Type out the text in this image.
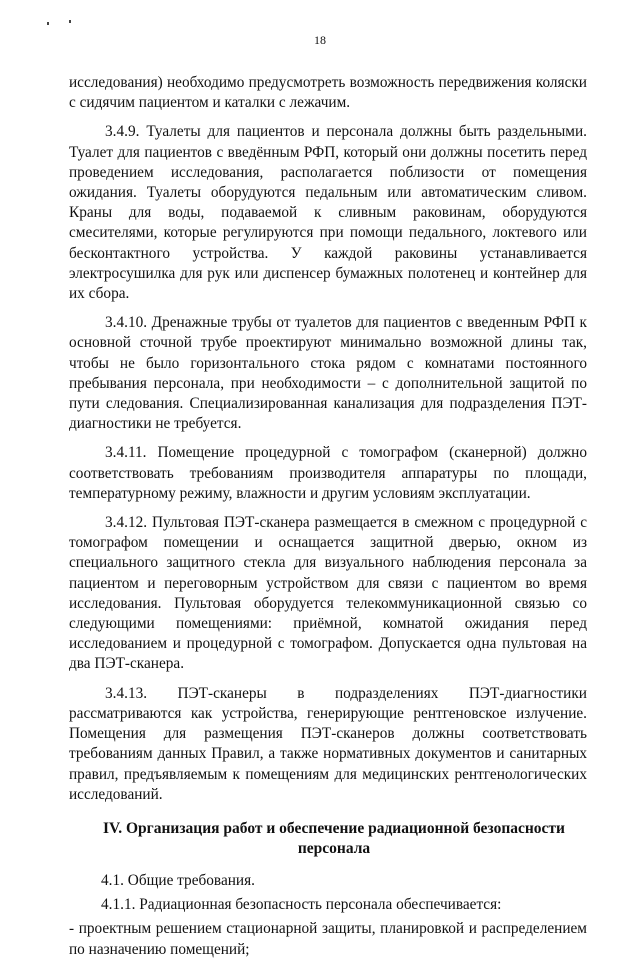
18

исследования) необходимо предусмотреть возможность передвижения коляски с сидячим пациентом и каталки с лежачим.

3.4.9. Туалеты для пациентов и персонала должны быть раздельными. Туалет для пациентов с введённым РФП, который они должны посетить перед проведением исследования, располагается поблизости от помещения ожидания. Туалеты оборудуются педальным или автоматическим сливом. Краны для воды, подаваемой к сливным раковинам, оборудуются смесителями, которые регулируются при помощи педального, локтевого или бесконтактного устройства. У каждой раковины устанавливается электросушилка для рук или диспенсер бумажных полотенец и контейнер для их сбора.

3.4.10. Дренажные трубы от туалетов для пациентов с введенным РФП к основной сточной трубе проектируют минимально возможной длины так, чтобы не было горизонтального стока рядом с комнатами постоянного пребывания персонала, при необходимости – с дополнительной защитой по пути следования. Специализированная канализация для подразделения ПЭТ-диагностики не требуется.

3.4.11. Помещение процедурной с томографом (сканерной) должно соответствовать требованиям производителя аппаратуры по площади, температурному режиму, влажности и другим условиям эксплуатации.

3.4.12. Пультовая ПЭТ-сканера размещается в смежном с процедурной с томографом помещении и оснащается защитной дверью, окном из специального защитного стекла для визуального наблюдения персонала за пациентом и переговорным устройством для связи с пациентом во время исследования. Пультовая оборудуется телекоммуникационной связью со следующими помещениями: приёмной, комнатой ожидания перед исследованием и процедурной с томографом. Допускается одна пультовая на два ПЭТ-сканера.

3.4.13. ПЭТ-сканеры в подразделениях ПЭТ-диагностики рассматриваются как устройства, генерирующие рентгеновское излучение. Помещения для размещения ПЭТ-сканеров должны соответствовать требованиям данных Правил, а также нормативных документов и санитарных правил, предъявляемым к помещениям для медицинских рентгенологических исследований.

IV. Организация работ и обеспечение радиационной безопасности персонала

4.1. Общие требования.

4.1.1. Радиационная безопасность персонала обеспечивается:

- проектным решением стационарной защиты, планировкой и распределением по назначению помещений;
